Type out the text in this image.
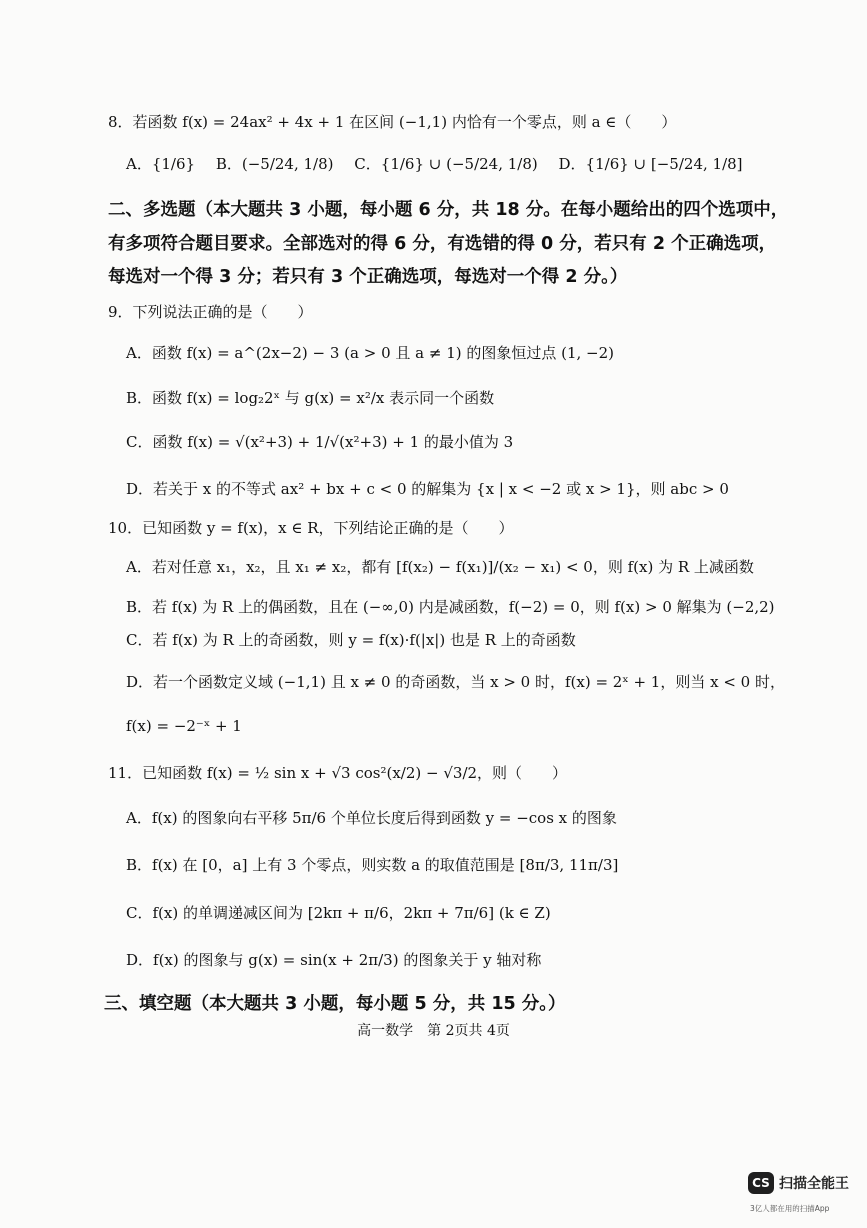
8．若函数 f(x) = 24ax² + 4x + 1 在区间 (−1,1) 内恰有一个零点，则 a ∈（　　）
A．{1/6} B．(−5/24, 1/8) C．{1/6} ∪ (−5/24, 1/8) D．{1/6} ∪ [−5/24, 1/8]
二、多选题（本大题共 3 小题，每小题 6 分，共 18 分。在每小题给出的四个选项中，
有多项符合题目要求。全部选对的得 6 分，有选错的得 0 分，若只有 2 个正确选项，
每选对一个得 3 分；若只有 3 个正确选项，每选对一个得 2 分。）
9．下列说法正确的是（　　）
A．函数 f(x) = a^(2x−2) − 3 (a > 0 且 a ≠ 1) 的图象恒过点 (1, −2)
B．函数 f(x) = log₂2ˣ 与 g(x) = x²/x 表示同一个函数
C．函数 f(x) = √(x²+3) + 1/√(x²+3) + 1 的最小值为 3
D．若关于 x 的不等式 ax² + bx + c < 0 的解集为 {x | x < −2 或 x > 1}，则 abc > 0
10．已知函数 y = f(x)，x ∈ R，下列结论正确的是（　　）
A．若对任意 x₁，x₂，且 x₁ ≠ x₂，都有 [f(x₂) − f(x₁)]/(x₂ − x₁) < 0，则 f(x) 为 R 上减函数
B．若 f(x) 为 R 上的偶函数，且在 (−∞,0) 内是减函数，f(−2) = 0，则 f(x) > 0 解集为 (−2,2)
C．若 f(x) 为 R 上的奇函数，则 y = f(x)·f(|x|) 也是 R 上的奇函数
D．若一个函数定义域 (−1,1) 且 x ≠ 0 的奇函数，当 x > 0 时，f(x) = 2ˣ + 1，则当 x < 0 时，
f(x) = −2⁻ˣ + 1
11．已知函数 f(x) = ½ sin x + √3 cos²(x/2) − √3/2，则（　　）
A．f(x) 的图象向右平移 5π/6 个单位长度后得到函数 y = −cos x 的图象
B．f(x) 在 [0，a] 上有 3 个零点，则实数 a 的取值范围是 [8π/3, 11π/3]
C．f(x) 的单调递减区间为 [2kπ + π/6，2kπ + 7π/6] (k ∈ Z)
D．f(x) 的图象与 g(x) = sin(x + 2π/3) 的图象关于 y 轴对称
三、填空题（本大题共 3 小题，每小题 5 分，共 15 分。）
高一数学　第 2页共 4页
CS 扫描全能王
3亿人都在用的扫描App
